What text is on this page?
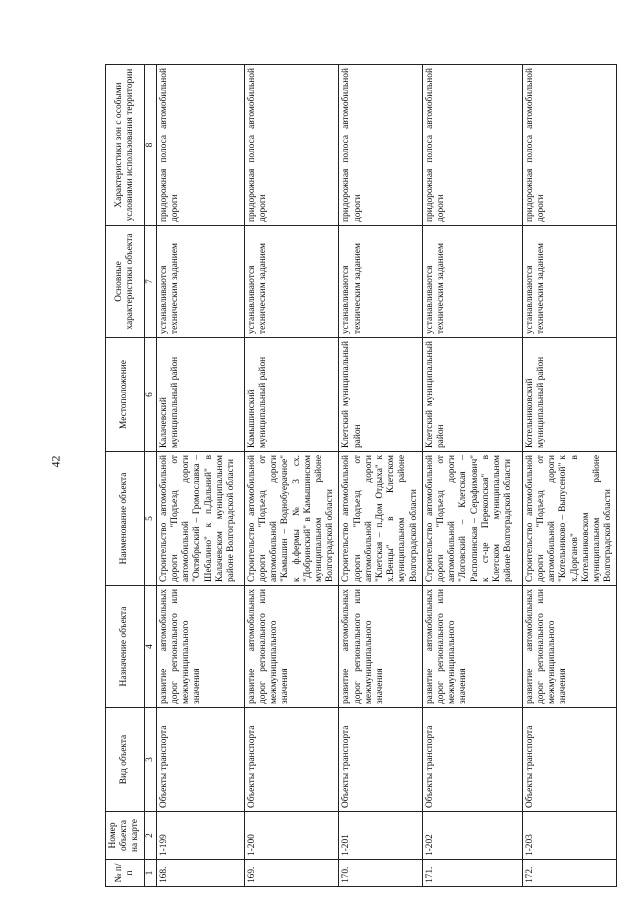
42
№ п/п	Номер объекта на карте	Вид объекта	Назначение объекта	Наименование объекта	Местоположение	Основные характеристики объекта	Характеристики зон с особыми условиями использования территории
1	2	3	4	5	6	7	8
168.	1-199	Объекты транспорта	развитие автомобильных дорог регионального или межмуниципального значения	Строительство автомобильной дороги "Подъезд от автомобильной дороги "Октябрьский – Громославка – Шебалино" к п.Дальний" в Калачевском муниципальном районе Волгоградской области	Калачевский муниципальный район	устанавливаются техническим заданием	придорожная полоса автомобильной дороги
169.	1-200	Объекты транспорта	развитие автомобильных дорог регионального или межмуниципального значения	Строительство автомобильной дороги "Подъезд от автомобильной дороги "Камышин – Воднобуерачное" к ф.фермы № 3 сх. "Добринский" в Камышинском муниципальном районе Волгоградской области	Камышинский муниципальный район	устанавливаются техническим заданием	придорожная полоса автомобильной дороги
170.	1-201	Объекты транспорта	развитие автомобильных дорог регионального или межмуниципального значения	Строительство автомобильной дороги "Подъезд от автомобильной дороги "Клетская – п.Дом Отдыха" к х.Венцы" в Клетском муниципальном районе Волгоградской области	Клетский муниципальный район	устанавливаются техническим заданием	придорожная полоса автомобильной дороги
171.	1-202	Объекты транспорта	развитие автомобильных дорог регионального или межмуниципального значения	Строительство автомобильной дороги "Подъезд от автомобильной дороги "Логовский – Клетская – Распопинская – Серафимович" к ст-це Перекопская" в Клетском муниципальном районе Волгоградской области	Клетский муниципальный район	устанавливаются техническим заданием	придорожная полоса автомобильной дороги
172.	1-203	Объекты транспорта	развитие автомобильных дорог регионального или межмуниципального значения	Строительство автомобильной дороги "Подъезд от автомобильной дороги "Котельниково – Выпусеной" к х.Дорганов" в Котельниковском муниципальном районе Волгоградской области	Котельниковский муниципальный район	устанавливаются техническим заданием	придорожная полоса автомобильной дороги
